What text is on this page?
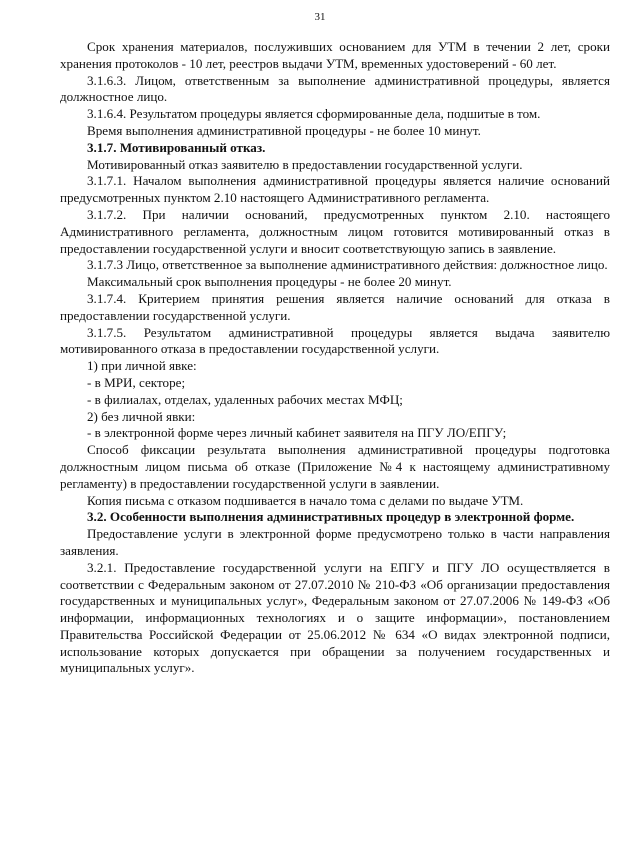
31

Срок хранения материалов, послуживших основанием для УТМ в течении 2 лет, сроки хранения протоколов - 10 лет, реестров выдачи УТМ, временных удостоверений - 60 лет.

3.1.6.3. Лицом, ответственным за выполнение административной процедуры, является должностное лицо.

3.1.6.4. Результатом процедуры является сформированные дела, подшитые в том.

Время выполнения административной процедуры - не более 10 минут.

3.1.7. Мотивированный отказ.

Мотивированный отказ заявителю в предоставлении государственной услуги.

3.1.7.1. Началом выполнения административной процедуры является наличие оснований предусмотренных пунктом 2.10 настоящего Административного регламента.

3.1.7.2. При наличии оснований, предусмотренных пунктом 2.10. настоящего Административного регламента, должностным лицом готовится мотивированный отказ в предоставлении государственной услуги и вносит соответствующую запись в заявление.

3.1.7.3 Лицо, ответственное за выполнение административного действия: должностное лицо.

Максимальный срок выполнения процедуры - не более 20 минут.

3.1.7.4. Критерием принятия решения является наличие оснований для отказа в предоставлении государственной услуги.

3.1.7.5. Результатом административной процедуры является выдача заявителю мотивированного отказа в предоставлении государственной услуги.

1) при личной явке:

- в МРИ, секторе;

- в филиалах, отделах, удаленных рабочих местах МФЦ;

2) без личной явки:

- в электронной форме через личный кабинет заявителя на ПГУ ЛО/ЕПГУ;

Способ фиксации результата выполнения административной процедуры подготовка должностным лицом письма об отказе (Приложение №4 к настоящему административному регламенту) в предоставлении государственной услуги в заявлении.

Копия письма с отказом подшивается в начало тома с делами по выдаче УТМ.

3.2. Особенности выполнения административных процедур в электронной форме.

Предоставление услуги в электронной форме предусмотрено только в части направления заявления.

3.2.1. Предоставление государственной услуги на ЕПГУ и ПГУ ЛО осуществляется в соответствии с Федеральным законом от 27.07.2010 № 210-ФЗ «Об организации предоставления государственных и муниципальных услуг», Федеральным законом от 27.07.2006 № 149-ФЗ «Об информации, информационных технологиях и о защите информации», постановлением Правительства Российской Федерации от 25.06.2012 № 634 «О видах электронной подписи, использование которых допускается при обращении за получением государственных и муниципальных услуг».
